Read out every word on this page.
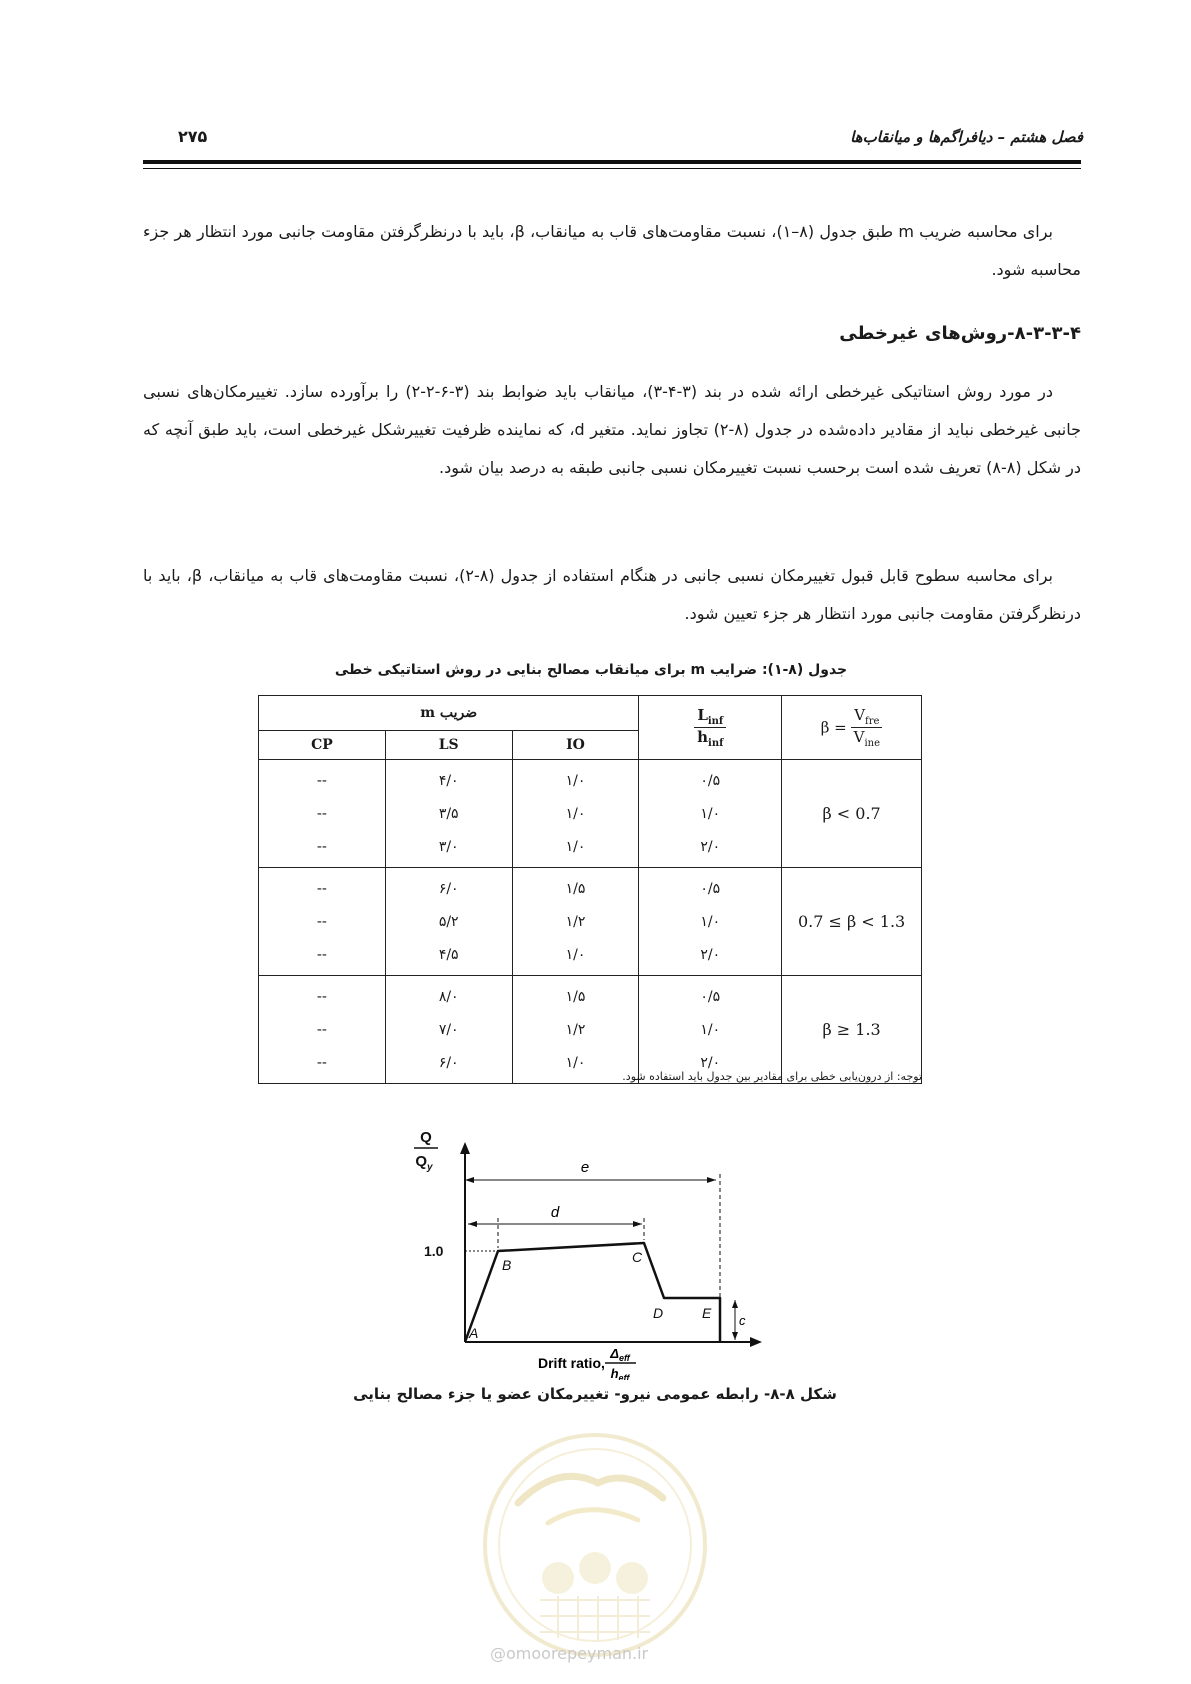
فصل هشتم – دیافراگم‌ها و میانقاب‌ها
۲۷۵
برای محاسبه ضریب m طبق جدول (۸–۱)، نسبت مقاومت‌های قاب به میانقاب، β، باید با درنظرگرفتن مقاومت جانبی مورد انتظار هر جزء محاسبه شود.
۸-۳-۳-۴-روش‌های غیرخطی
در مورد روش استاتیکی غیرخطی ارائه شده در بند (۳-۴-۳)، میانقاب باید ضوابط بند (۳-۶-۲-۲) را برآورده سازد. تغییرمکان‌های نسبی جانبی غیرخطی نباید از مقادیر داده‌شده در جدول (۸-۲) تجاوز نماید. متغیر d، که نماینده ظرفیت تغییرشکل غیرخطی است، باید طبق آنچه که در شکل (۸-۸) تعریف شده است برحسب نسبت تغییرمکان نسبی جانبی طبقه به درصد بیان شود.
برای محاسبه سطوح قابل قبول تغییرمکان نسبی جانبی در هنگام استفاده از جدول (۸-۲)، نسبت مقاومت‌های قاب به میانقاب، β، باید با درنظرگرفتن مقاومت جانبی مورد انتظار هر جزء تعیین شود.
جدول (۸-۱): ضرایب m برای میانقاب مصالح بنایی در روش استاتیکی خطی
ضریب m			$\frac{L_{inf}}{h_{inf}}$	$\beta = \frac{V_{fre}}{V_{ine}}$

CP	LS	IO		
--	۴/۰	۱/۰	۰/۵	β < 0.7
--	۳/۵	۱/۰	۱/۰	
--	۳/۰	۱/۰	۲/۰	
--	۶/۰	۱/۵	۰/۵	0.7 ≤ β < 1.3
--	۵/۲	۱/۲	۱/۰	
--	۴/۵	۱/۰	۲/۰	
--	۸/۰	۱/۵	۰/۵	β ≥ 1.3
--	۷/۰	۱/۲	۱/۰	
--	۶/۰	۱/۰	۲/۰	
توجه: از درون‌یابی خطی برای مقادیر بین جدول باید استفاده شود.
Q
$Q_y$
1.0
e
d
c
A
B	C
D	E
Drift ratio,
$\Delta_{eff}$
$h_{eff}$
شکل ۸-۸- رابطه عمومی نیرو- تغییرمکان عضو یا جزء مصالح بنایی
@omoorepeyman.ir
